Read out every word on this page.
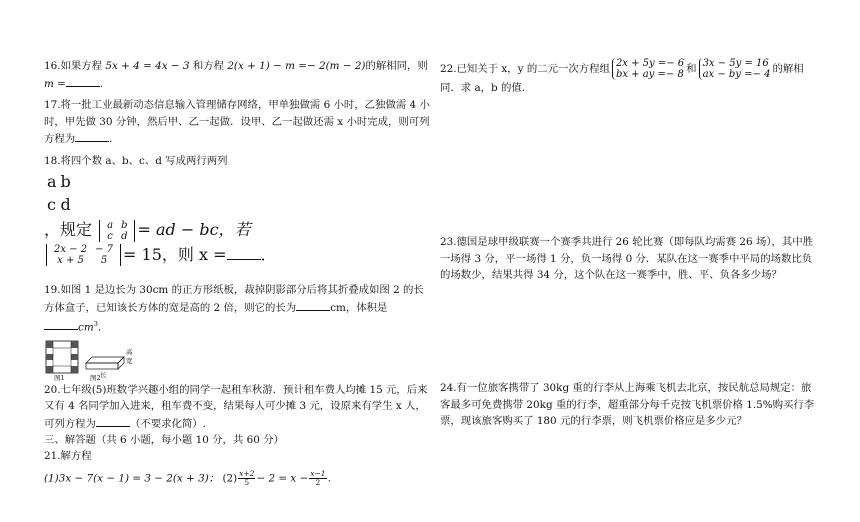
16.如果方程 5x + 4 = 4x − 3 和方程 2(x + 1) − m =− 2(m − 2)的解相同，则
m =	.

17.将一批工业最新动态信息输入管理储存网络，甲单独做需 6 小时，乙独做需 4 小时，甲先做 30 分钟，然后甲、乙一起做．设甲、乙一起做还需 x 小时完成，则可列方程为	．

18.将四个数 a、b、c、d 写成两行两列

a	b
c	d
，规定 a	b
c	d = ad − bc，若

2x − 2	− 7
x + 5	5 = 15，则 x = ．

19.如图 1 是边长为 30cm 的正方形纸板，裁掉阴影部分后将其折叠成如图 2 的长方体盒子，已知该长方体的宽是高的 2 倍，则它的长为	cm，体积是
$cm^3$.

高
宽
长
图1	图2

20.七年级(5)班数学兴趣小组的同学一起租车秋游．预计租车费人均摊 15 元，后来又有 4 名同学加入进来，租车费不变，结果每人可少摊 3 元，设原来有学生 x 人，可列方程为	（不要求化简）.

三、解答题（共 6 小题，每小题 10 分，共 60 分）

21.解方程

(1)3x − 7(x − 1) = 3 − 2(x + 3)； $(2) \frac{x+2}{5} - 2 = x - \frac{x-1}{2}$ .

22.已知关于 x，y 的二元一次方程组 2x + 5y =− 6
bx + ay =− 8 和 3x − 5y = 16
ax − by =− 4 的解相同．求 a，b 的值.

23.德国是球甲级联赛一个赛季共进行 26 轮比赛（即每队均需赛 26 场），其中胜一场得 3 分，平一场得 1 分，负一场得 0 分．某队在这一赛季中平局的场数比负的场数少，结果共得 34 分，这个队在这一赛季中，胜、平、负各多少场？

24.有一位旅客携带了 30kg 重的行李从上海乘飞机去北京，按民航总局规定：旅客最多可免费携带 20kg 重的行李，超重部分每千克按飞机票价格 1.5%购买行李票，现该旅客购买了 180 元的行李票，则飞机票价格应是多少元？
